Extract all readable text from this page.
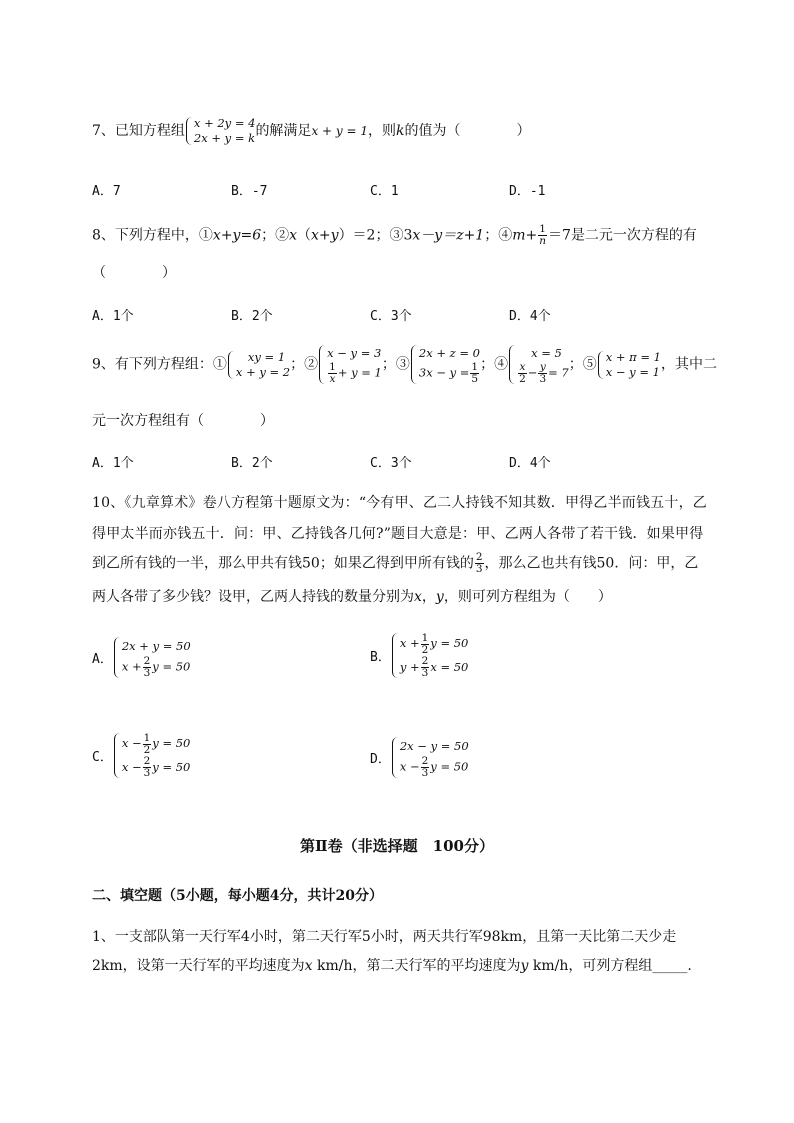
7、已知方程组 x + 2y = 4
2x + y = k 的解满足x + y = 1，则k的值为（　　　　）
A．7	B．-7	C．1	D．-1
8、下列方程中，①x+y=6；②x（x+y）＝2；③3x－y＝z+1；④m+ $\frac{1}{n} =7$是二元一次方程的有
（　　　　）
A．1个	B．2个	C．3个	D．4个
9、有下列方程组：①	xy = 1
x + y = 2 ；②
x − y = 3
$\frac{1}{x} + y = 1$ ；③
2x + z = 0
$3x - y = \frac{1}{5}$ ；④
x = 5
$\frac{x}{2} - \frac{y}{3} = 7$ ；⑤ x + π = 1
x − y = 1 ，其中二
元一次方程组有（　　　　）
A．1个	B．2个	C．3个	D．4个
10、《九章算术》卷八方程第十题原文为：“今有甲、乙二人持钱不知其数．甲得乙半而钱五十，乙
得甲太半而亦钱五十．问：甲、乙持钱各几何?”题目大意是：甲、乙两人各带了若干钱．如果甲得
到乙所有钱的一半，那么甲共有钱50；如果乙得到甲所有钱的 $\frac{2}{3}$ ，那么乙也共有钱50．问：甲，乙
两人各带了多少钱？设甲，乙两人持钱的数量分别为x，y，则可列方程组为（　　）
A．
2x + y = 50
$x + \frac{2}{3}$ y = 50
B．
$x + \frac{1}{2}$ y = 50
$y + \frac{2}{3}$ x = 50
C．
$x - \frac{1}{2}$ y = 50
$x - \frac{2}{3}$ y = 50	D．
2x − y = 50
$x - \frac{2}{3}$ y = 50
第Ⅱ卷（非选择题　100分）
二、填空题（5小题，每小题4分，共计20分）
1、一支部队第一天行军4小时，第二天行军5小时，两天共行军98km，且第一天比第二天少走
2km，设第一天行军的平均速度为x km/h，第二天行军的平均速度为y km/h，可列方程组_____.
